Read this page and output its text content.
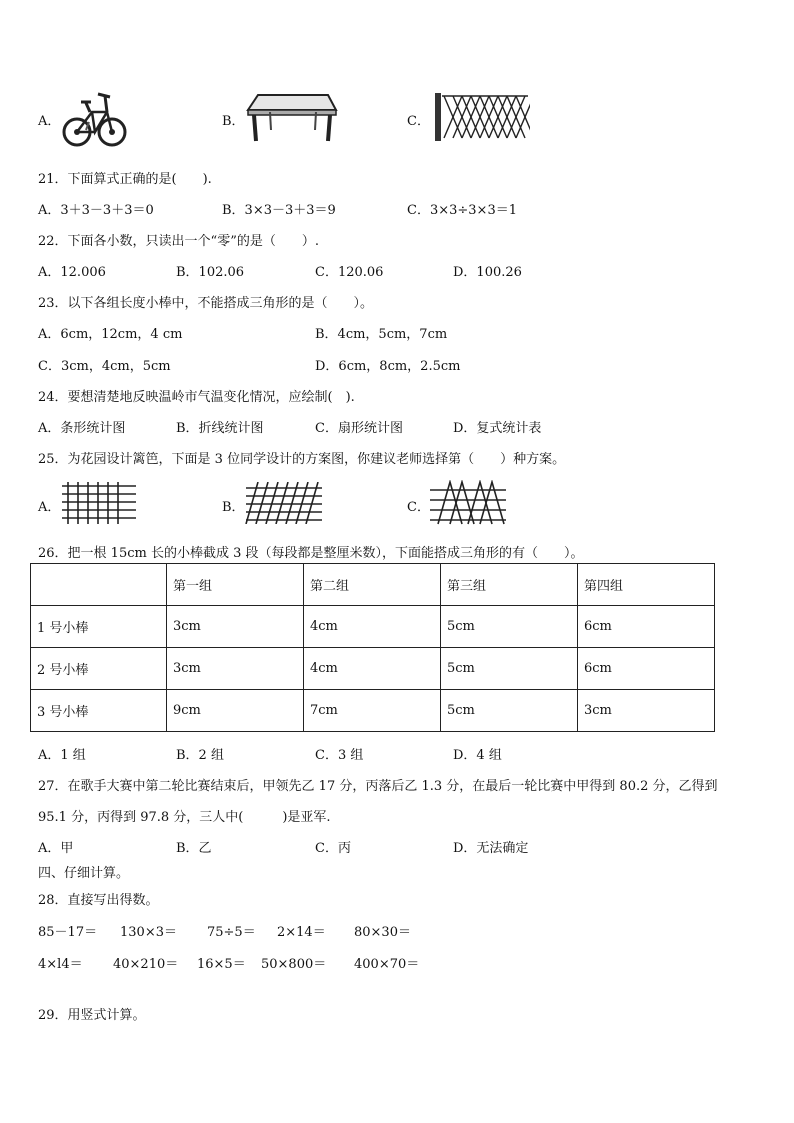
A．	B．	C．
21．下面算式正确的是(　　).
A．3＋3－3＋3＝0	B．3×3－3＋3＝9	C．3×3÷3×3＝1
22．下面各小数，只读出一个“零”的是（　　）.
A．12.006	B．102.06	C．120.06	D．100.26
23．以下各组长度小棒中，不能搭成三角形的是（　　）。
A．6cm，12cm，4 cm	B．4cm，5cm，7cm
C．3cm，4cm，5cm	D．6cm，8cm，2.5cm
24．要想清楚地反映温岭市气温变化情况，应绘制(　).
A．条形统计图	B．折线统计图	C．扇形统计图	D．复式统计表
25．为花园设计篱笆，下面是 3 位同学设计的方案图，你建议老师选择第（　　）种方案。
A．	B．	C．
26．把一根 15cm 长的小棒截成 3 段（每段都是整厘米数），下面能搭成三角形的有（　　）。
	第一组	第二组	第三组	第四组
1 号小棒	3cm	4cm	5cm	6cm
2 号小棒	3cm	4cm	5cm	6cm
3 号小棒	9cm	7cm	5cm	3cm
A．1 组	B．2 组	C．3 组	D．4 组
27．在歌手大赛中第二轮比赛结束后，甲领先乙 17 分，丙落后乙 1.3 分，在最后一轮比赛中甲得到 80.2 分，乙得到
95.1 分，丙得到 97.8 分，三人中(　　　)是亚军.
A．甲	B．乙	C．丙	D．无法确定
四、仔细计算。
28．直接写出得数。
85－17＝ 130×3＝ 75÷5＝ 2×14＝ 80×30＝
4×l4＝ 40×210＝ 16×5＝ 50×800＝ 400×70＝
29．用竖式计算。
